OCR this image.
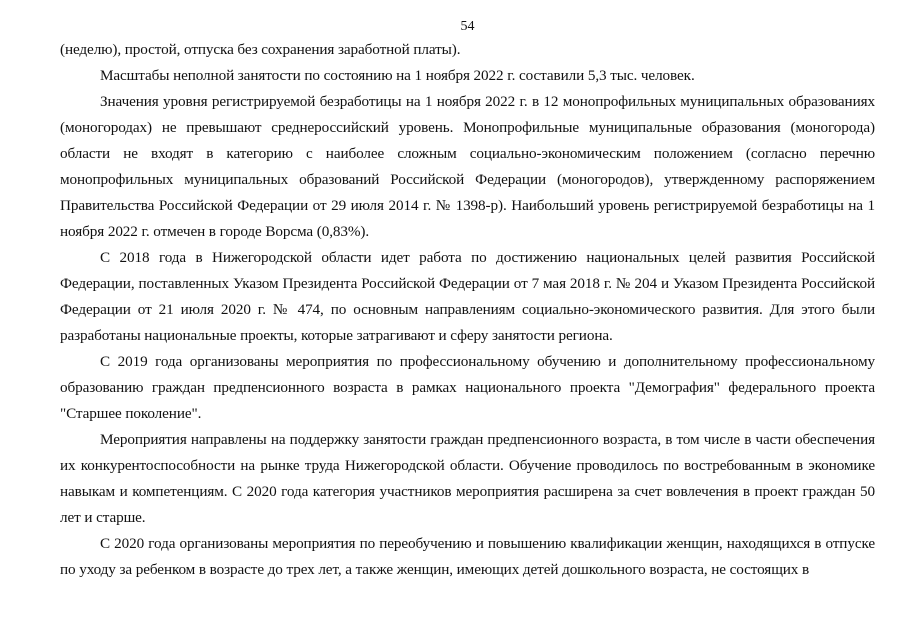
54

(неделю), простой, отпуска без сохранения заработной платы).

Масштабы неполной занятости по состоянию на 1 ноября 2022 г. составили 5,3 тыс. человек.

Значения уровня регистрируемой безработицы на 1 ноября 2022 г. в 12 монопрофильных муниципальных образованиях (моногородах) не превышают среднероссийский уровень. Монопрофильные муниципальные образования (моногорода) области не входят в категорию с наиболее сложным социально-экономическим положением (согласно перечню монопрофильных муниципальных образований Российской Федерации (моногородов), утвержденному распоряжением Правительства Российской Федерации от 29 июля 2014 г. № 1398-р). Наибольший уровень регистрируемой безработицы на 1 ноября 2022 г. отмечен в городе Ворсма (0,83%).

С 2018 года в Нижегородской области идет работа по достижению национальных целей развития Российской Федерации, поставленных Указом Президента Российской Федерации от 7 мая 2018 г. № 204 и Указом Президента Российской Федерации от 21 июля 2020 г. № 474, по основным направлениям социально-экономического развития. Для этого были разработаны национальные проекты, которые затрагивают и сферу занятости региона.

С 2019 года организованы мероприятия по профессиональному обучению и дополнительному профессиональному образованию граждан предпенсионного возраста в рамках национального проекта "Демография" федерального проекта "Старшее поколение".

Мероприятия направлены на поддержку занятости граждан предпенсионного возраста, в том числе в части обеспечения их конкурентоспособности на рынке труда Нижегородской области. Обучение проводилось по востребованным в экономике навыкам и компетенциям. С 2020 года категория участников мероприятия расширена за счет вовлечения в проект граждан 50 лет и старше.

С 2020 года организованы мероприятия по переобучению и повышению квалификации женщин, находящихся в отпуске по уходу за ребенком в возрасте до трех лет, а также женщин, имеющих детей дошкольного возраста, не состоящих в
